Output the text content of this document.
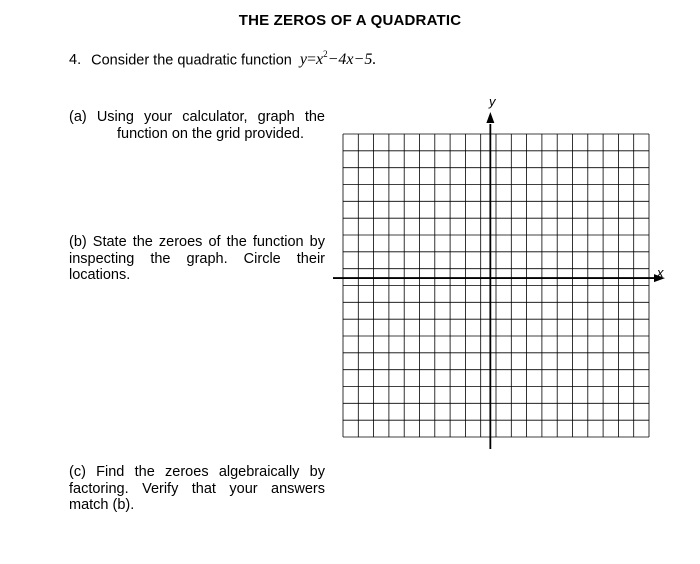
THE ZEROS OF A QUADRATIC
4. Consider the quadratic function $y=x^2-4x-5$.
(a) Using your calculator, graph the
function on the grid provided.
(b) State the zeroes of the function by
inspecting the graph. Circle their
locations.
(c) Find the zeroes algebraically by
factoring. Verify that your answers
match (b).
x
y
